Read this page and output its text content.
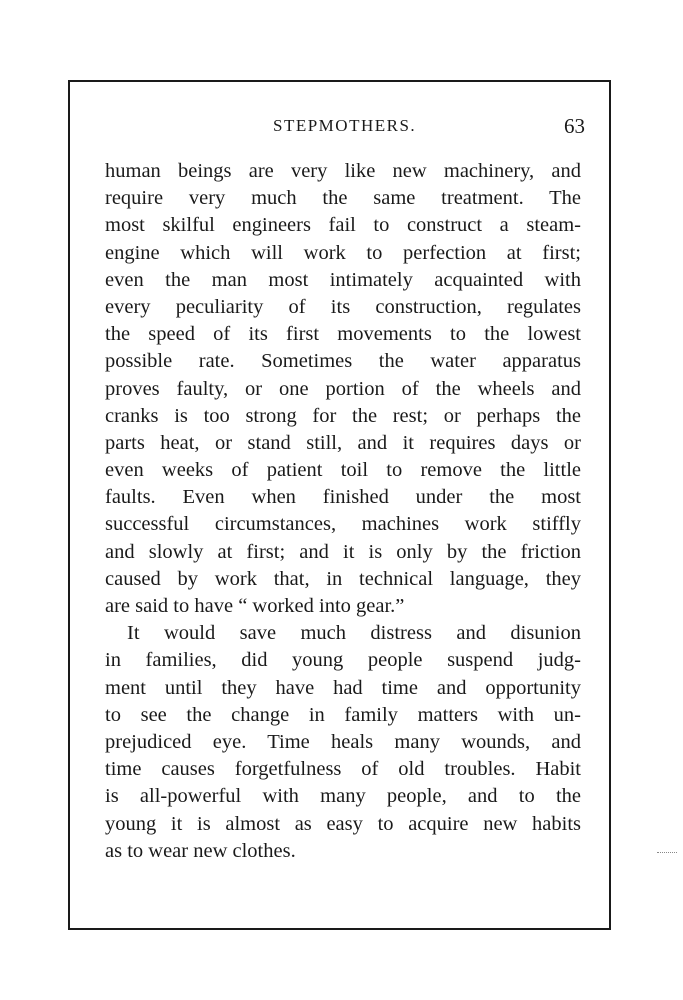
STEPMOTHERS.	63
human beings are very like new machinery, and
require very much the same treatment. The
most skilful engineers fail to construct a steam-
engine which will work to perfection at first;
even the man most intimately acquainted with
every peculiarity of its construction, regulates
the speed of its first movements to the lowest
possible rate. Sometimes the water apparatus
proves faulty, or one portion of the wheels and
cranks is too strong for the rest; or perhaps the
parts heat, or stand still, and it requires days or
even weeks of patient toil to remove the little
faults. Even when finished under the most
successful circumstances, machines work stiffly
and slowly at first; and it is only by the friction
caused by work that, in technical language, they
are said to have “ worked into gear.”
It would save much distress and disunion
in families, did young people suspend judg-
ment until they have had time and opportunity
to see the change in family matters with un-
prejudiced eye. Time heals many wounds, and
time causes forgetfulness of old troubles. Habit
is all-powerful with many people, and to the
young it is almost as easy to acquire new habits
as to wear new clothes.
